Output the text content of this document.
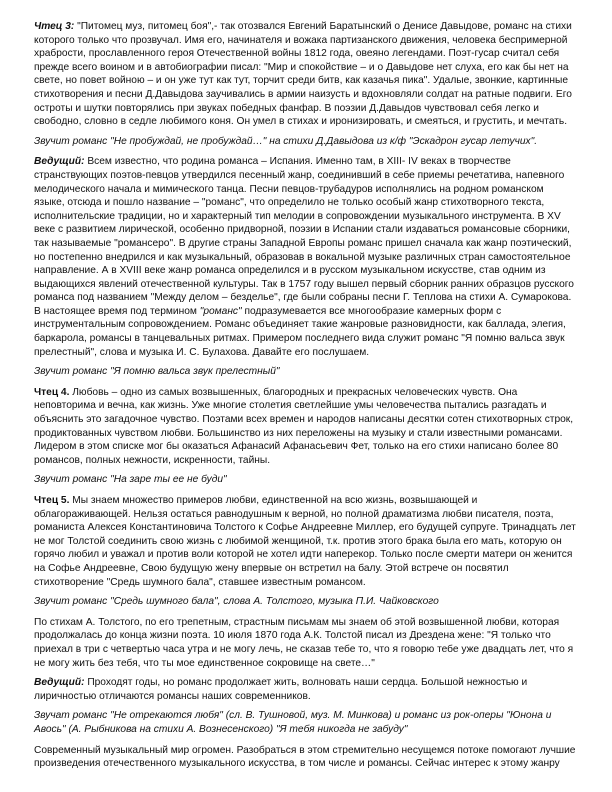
Чтец 3: "Питомец муз, питомец боя",- так отозвался Евгений Баратынский о Денисе Давыдове, романс на стихи которого только что прозвучал. Имя его, начинателя и вожака партизанского движения, человека беспримерной храбрости, прославленного героя Отечественной войны 1812 года, овеяно легендами. Поэт-гусар считал себя прежде всего воином и в автобиографии писал: "Мир и спокойствие – и о Давыдове нет слуха, его как бы нет на свете, но повет войною – и он уже тут как тут, торчит среди битв, как казачья пика". Удалые, звонкие, картинные стихотворения и песни Д.Давыдова заучивались в армии наизусть и вдохновляли солдат на ратные подвиги. Его остроты и шутки повторялись при звуках победных фанфар. В поэзии Д.Давыдов чувствовал себя легко и свободно, словно в седле любимого коня. Он умел в стихах и иронизировать, и смеяться, и грустить, и мечтать.

Звучит романс "Не пробуждай, не пробуждай…" на стихи Д.Давыдова из к/ф "Эскадрон гусар летучих".

Ведущий: Всем известно, что родина романса – Испания. Именно там, в XIII- IV веках в творчестве странствующих поэтов-певцов утвердился песенный жанр, соединивший в себе приемы речетатива, напевного мелодического начала и мимического танца. Песни певцов-трубадуров исполнялись на родном романском языке, отсюда и пошло название – "романс", что определило не только особый жанр стихотворного текста, исполнительские традиции, но и характерный тип мелодии в сопровождении музыкального инструмента. В XV веке с развитием лирической, особенно придворной, поэзии в Испании стали издаваться романсовые сборники, так называемые "романсеро". В другие страны Западной Европы романс пришел сначала как жанр поэтический, но постепенно внедрился и как музыкальный, образовав в вокальной музыке различных стран самостоятельное направление. А в XVIII веке жанр романса определился и в русском музыкальном искусстве, став одним из выдающихся явлений отечественной культуры. Так в 1757 году вышел первый сборник ранних образцов русского романса под названием "Между делом – безделье", где были собраны песни Г. Теплова на стихи А. Сумарокова. В настоящее время под термином "романс" подразумевается все многообразие камерных форм с инструментальным сопровождением. Романс объединяет такие жанровые разновидности, как баллада, элегия, баркарола, романсы в танцевальных ритмах. Примером последнего вида служит романс "Я помню вальса звук прелестный", слова и музыка И. С. Булахова. Давайте его послушаем.

Звучит романс "Я помню вальса звук прелестный"

Чтец 4. Любовь – одно из самых возвышенных, благородных и прекрасных человеческих чувств. Она неповторима и вечна, как жизнь. Уже многие столетия светлейшие умы человечества пытались разгадать и объяснить это загадочное чувство. Поэтами всех времен и народов написаны десятки сотен стихотворных строк, продиктованных чувством любви. Большинство из них переложены на музыку и стали известными романсами. Лидером в этом списке мог бы оказаться Афанасий Афанасьевич Фет, только на его стихи написано более 80 романсов, полных нежности, искренности, тайны.

Звучит романс "На заре ты ее не буди"

Чтец 5. Мы знаем множество примеров любви, единственной на всю жизнь, возвышающей и облагораживающей. Нельзя остаться равнодушным к верной, но полной драматизма любви писателя, поэта, романиста Алексея Константиновича Толстого к Софье Андреевне Миллер, его будущей супруге. Тринадцать лет не мог Толстой соединить свою жизнь с любимой женщиной, т.к. против этого брака была его мать, которую он горячо любил и уважал и против воли которой не хотел идти наперекор. Только после смерти матери он женится на Софье Андреевне, Свою будущую жену впервые он встретил на балу. Этой встрече он посвятил стихотворение "Средь шумного бала", ставшее известным романсом.

Звучит романс "Средь шумного бала", слова А. Толстого, музыка П.И. Чайковского

По стихам А. Толстого, по его трепетным, страстным письмам мы знаем об этой возвышенной любви, которая продолжалась до конца жизни поэта. 10 июля 1870 года А.К. Толстой писал из Дрездена жене: "Я только что приехал в три с четвертью часа утра и не могу лечь, не сказав тебе то, что я говорю тебе уже двадцать лет, что я не могу жить без тебя, что ты мое единственное сокровище на свете…"

Ведущий: Проходят годы, но романс продолжает жить, волновать наши сердца. Большой нежностью и лиричностью отличаются романсы наших современников.

Звучат романс "Не отрекаются любя" (сл. В. Тушновой, муз. М. Минкова) и романс из рок-оперы "Юнона и Авось" (А. Рыбникова на стихи А. Вознесенского) "Я тебя никогда не забуду"

Современный музыкальный мир огромен. Разобраться в этом стремительно несущемся потоке помогают лучшие произведения отечественного музыкального искусства, в том числе и романсы. Сейчас интерес к этому жанру
